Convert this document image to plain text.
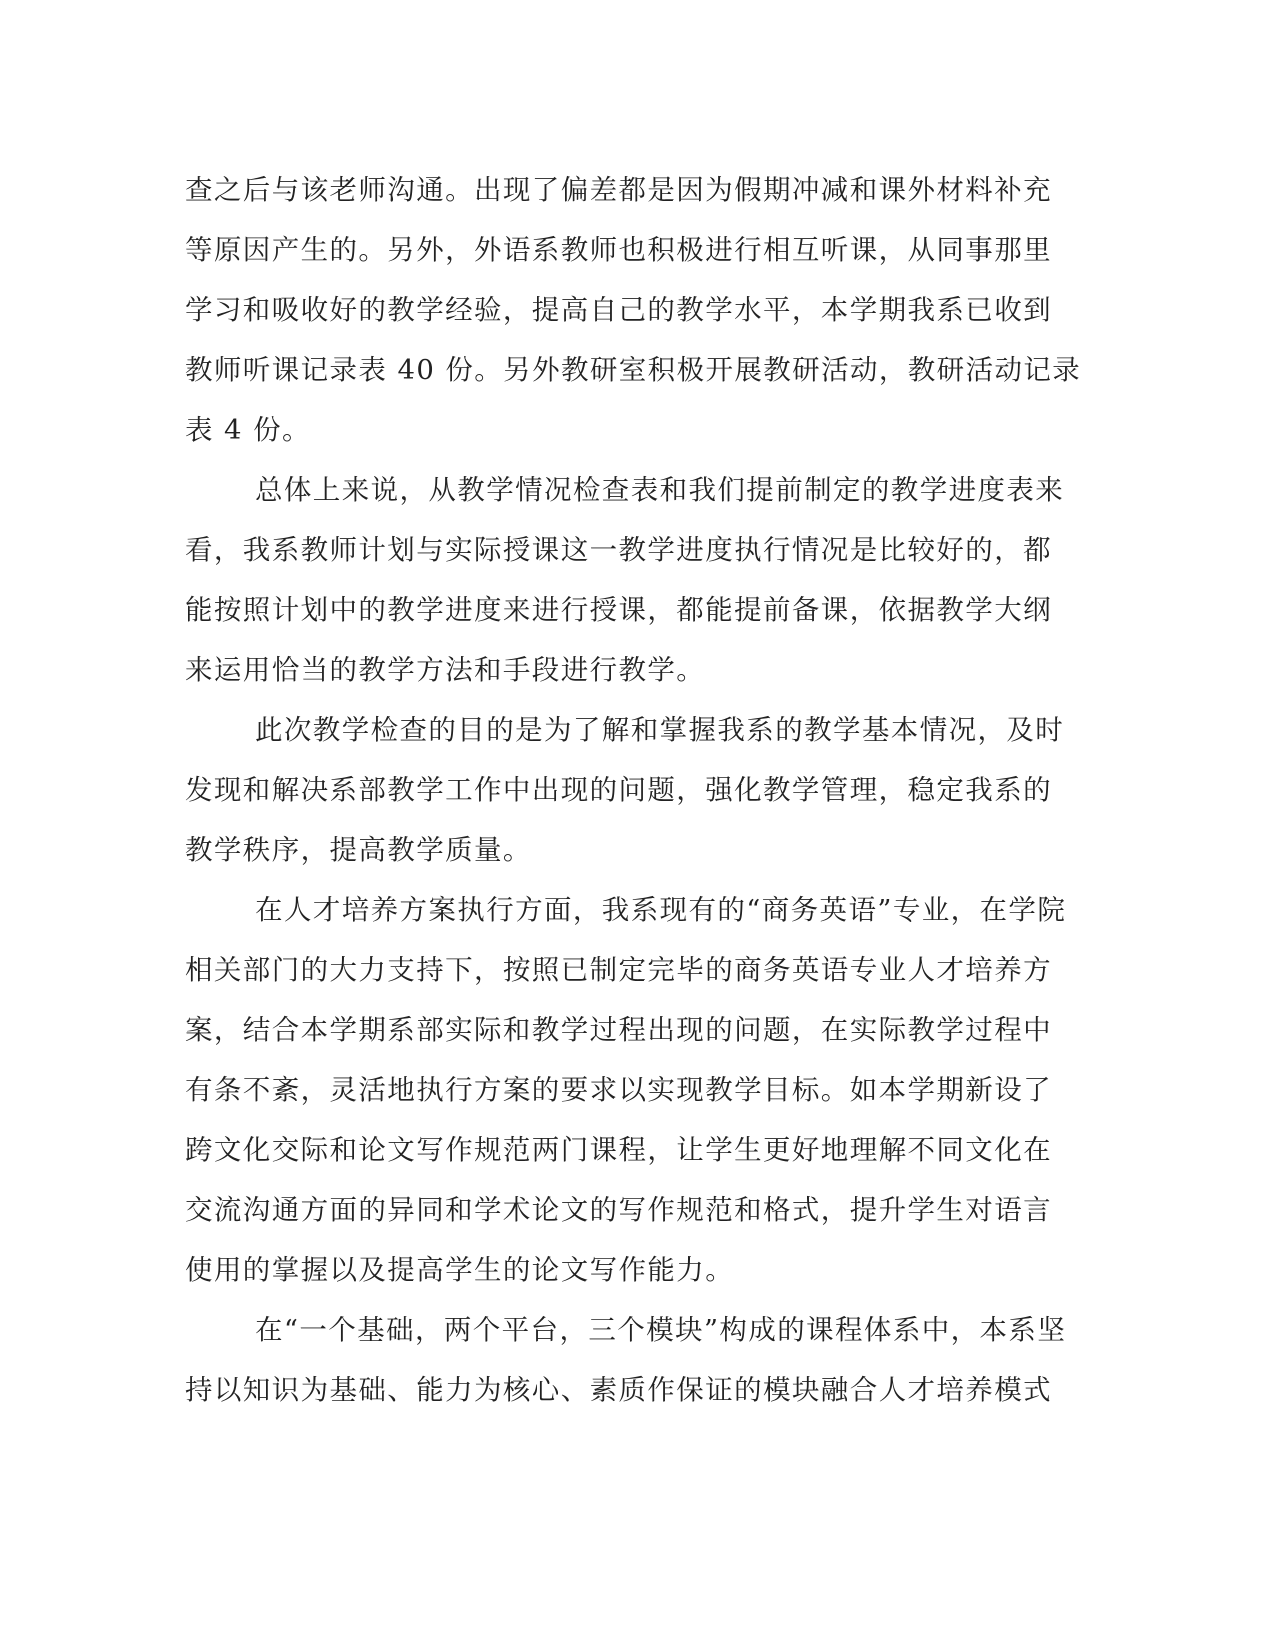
查之后与该老师沟通。出现了偏差都是因为假期冲减和课外材料补充
等原因产生的。另外，外语系教师也积极进行相互听课，从同事那里
学习和吸收好的教学经验，提高自己的教学水平，本学期我系已收到
教师听课记录表 40 份。另外教研室积极开展教研活动，教研活动记录
表 4 份。
总体上来说，从教学情况检查表和我们提前制定的教学进度表来
看，我系教师计划与实际授课这一教学进度执行情况是比较好的，都
能按照计划中的教学进度来进行授课，都能提前备课，依据教学大纲
来运用恰当的教学方法和手段进行教学。
此次教学检查的目的是为了解和掌握我系的教学基本情况，及时
发现和解决系部教学工作中出现的问题，强化教学管理，稳定我系的
教学秩序，提高教学质量。
在人才培养方案执行方面，我系现有的“商务英语”专业，在学院
相关部门的大力支持下，按照已制定完毕的商务英语专业人才培养方
案，结合本学期系部实际和教学过程出现的问题，在实际教学过程中
有条不紊，灵活地执行方案的要求以实现教学目标。如本学期新设了
跨文化交际和论文写作规范两门课程，让学生更好地理解不同文化在
交流沟通方面的异同和学术论文的写作规范和格式，提升学生对语言
使用的掌握以及提高学生的论文写作能力。
在“一个基础，两个平台，三个模块”构成的课程体系中，本系坚
持以知识为基础、能力为核心、素质作保证的模块融合人才培养模式
